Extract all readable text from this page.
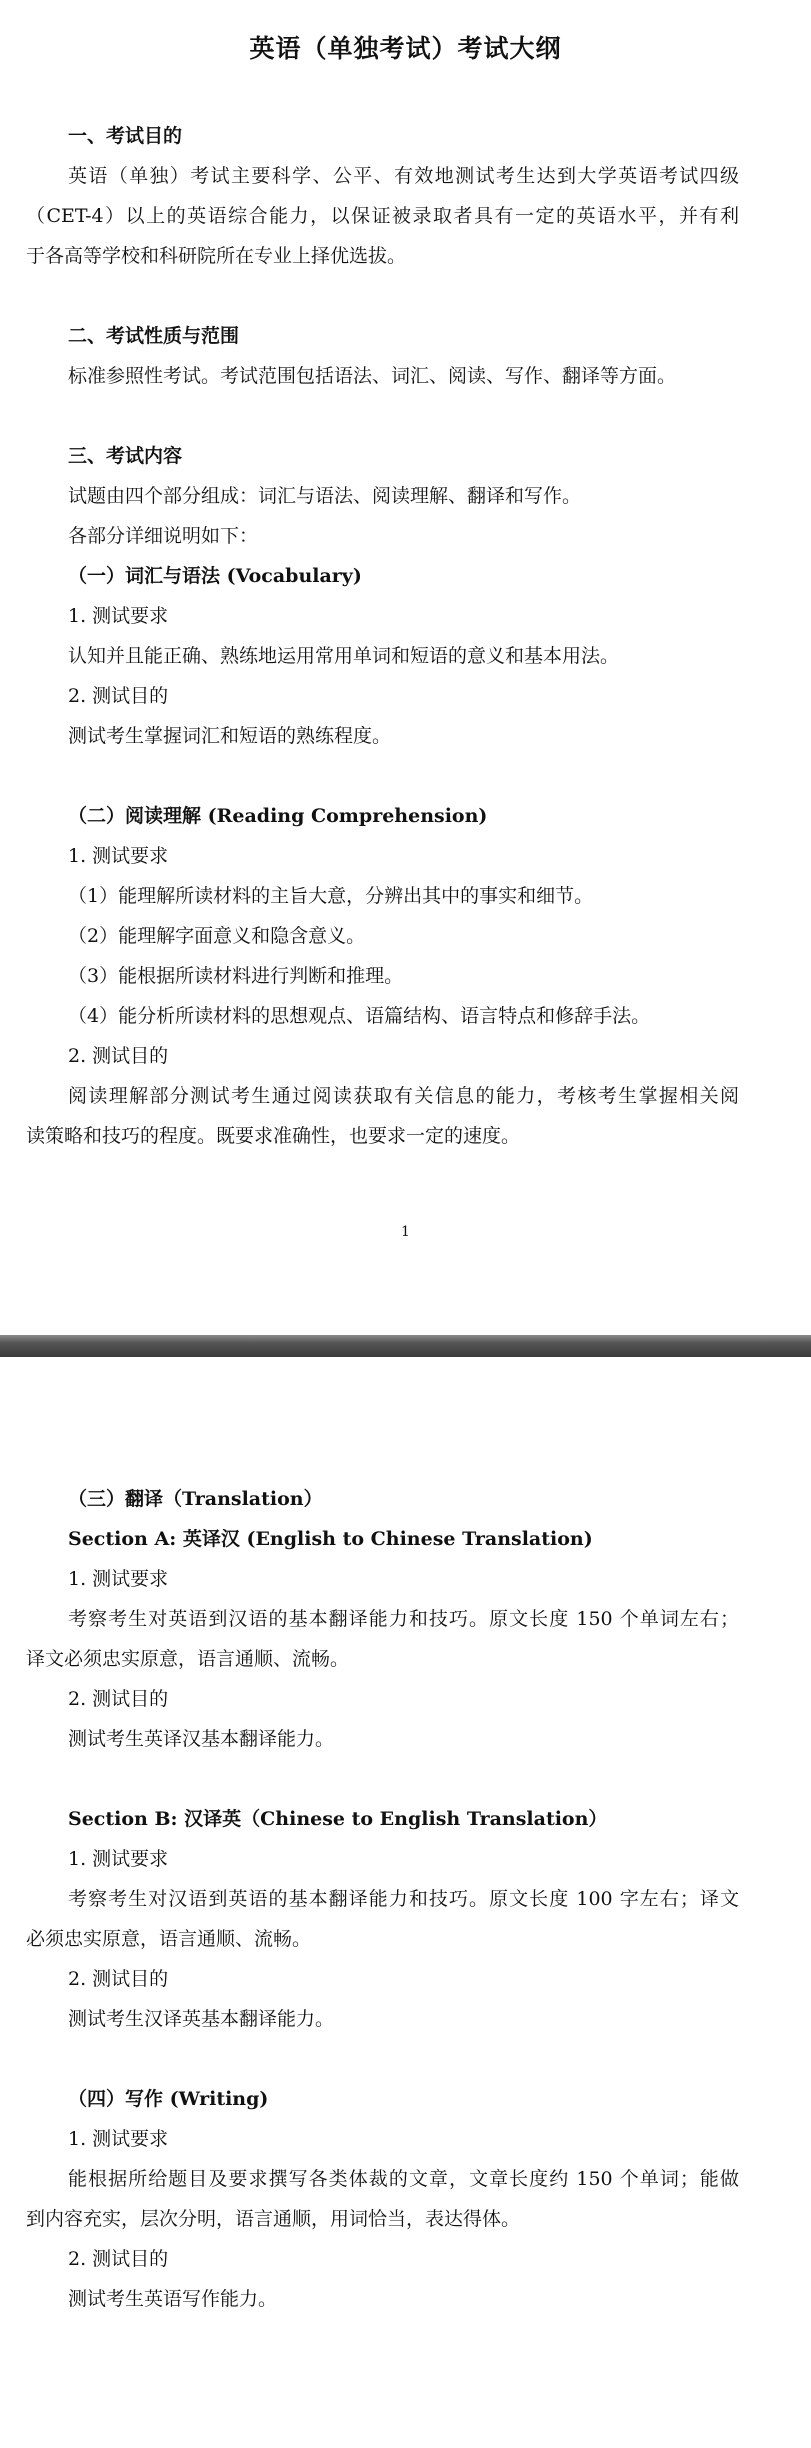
英语（单独考试）考试大纲
一、考试目的
英语（单独）考试主要科学、公平、有效地测试考生达到大学英语考试四级
（CET-4）以上的英语综合能力，以保证被录取者具有一定的英语水平，并有利
于各高等学校和科研院所在专业上择优选拔。
二、考试性质与范围
标准参照性考试。考试范围包括语法、词汇、阅读、写作、翻译等方面。
三、考试内容
试题由四个部分组成：词汇与语法、阅读理解、翻译和写作。
各部分详细说明如下：
（一）词汇与语法 (Vocabulary)
1. 测试要求
认知并且能正确、熟练地运用常用单词和短语的意义和基本用法。
2. 测试目的
测试考生掌握词汇和短语的熟练程度。
（二）阅读理解 (Reading Comprehension)
1. 测试要求
（1）能理解所读材料的主旨大意，分辨出其中的事实和细节。
（2）能理解字面意义和隐含意义。
（3）能根据所读材料进行判断和推理。
（4）能分析所读材料的思想观点、语篇结构、语言特点和修辞手法。
2. 测试目的
阅读理解部分测试考生通过阅读获取有关信息的能力，考核考生掌握相关阅
读策略和技巧的程度。既要求准确性，也要求一定的速度。
1
（三）翻译（Translation）
Section A: 英译汉 (English to Chinese Translation)
1. 测试要求
考察考生对英语到汉语的基本翻译能力和技巧。原文长度 150 个单词左右；
译文必须忠实原意，语言通顺、流畅。
2. 测试目的
测试考生英译汉基本翻译能力。
Section B: 汉译英（Chinese to English Translation）
1. 测试要求
考察考生对汉语到英语的基本翻译能力和技巧。原文长度 100 字左右；译文
必须忠实原意，语言通顺、流畅。
2. 测试目的
测试考生汉译英基本翻译能力。
（四）写作 (Writing)
1. 测试要求
能根据所给题目及要求撰写各类体裁的文章，文章长度约 150 个单词；能做
到内容充实，层次分明，语言通顺，用词恰当，表达得体。
2. 测试目的
测试考生英语写作能力。
